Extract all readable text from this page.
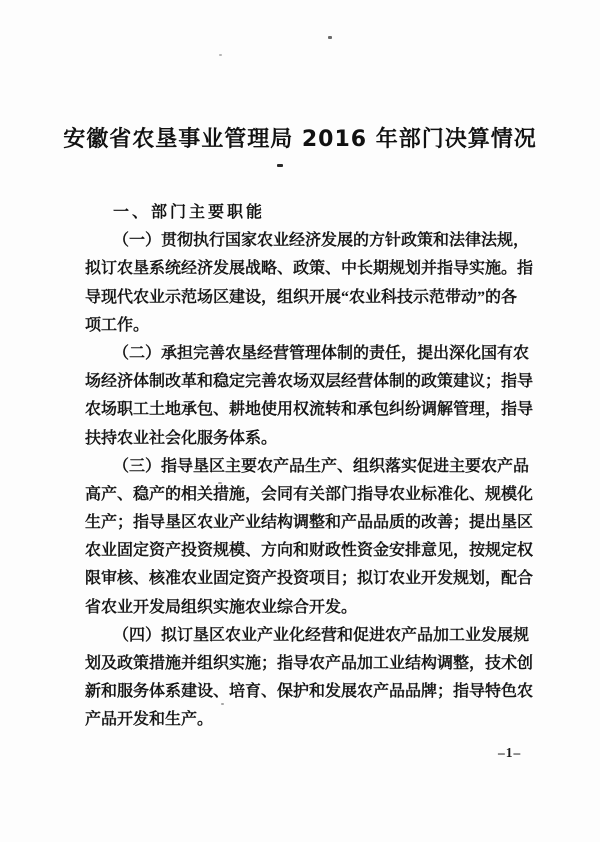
安徽省农垦事业管理局 2016 年部门决算情况
一、部门主要职能
（一）贯彻执行国家农业经济发展的方针政策和法律法规，
拟订农垦系统经济发展战略、政策、中长期规划并指导实施。指
导现代农业示范场区建设，组织开展“农业科技示范带动”的各
项工作。
（二）承担完善农垦经营管理体制的责任，提出深化国有农
场经济体制改革和稳定完善农场双层经营体制的政策建议；指导
农场职工土地承包、耕地使用权流转和承包纠纷调解管理，指导
扶持农业社会化服务体系。
（三）指导垦区主要农产品生产、组织落实促进主要农产品
高产、稳产的相关措施，会同有关部门指导农业标准化、规模化
生产；指导垦区农业产业结构调整和产品品质的改善；提出垦区
农业固定资产投资规模、方向和财政性资金安排意见，按规定权
限审核、核准农业固定资产投资项目；拟订农业开发规划，配合
省农业开发局组织实施农业综合开发。
（四）拟订垦区农业产业化经营和促进农产品加工业发展规
划及政策措施并组织实施；指导农产品加工业结构调整，技术创
新和服务体系建设、培育、保护和发展农产品品牌；指导特色农
产品开发和生产。
–1–
